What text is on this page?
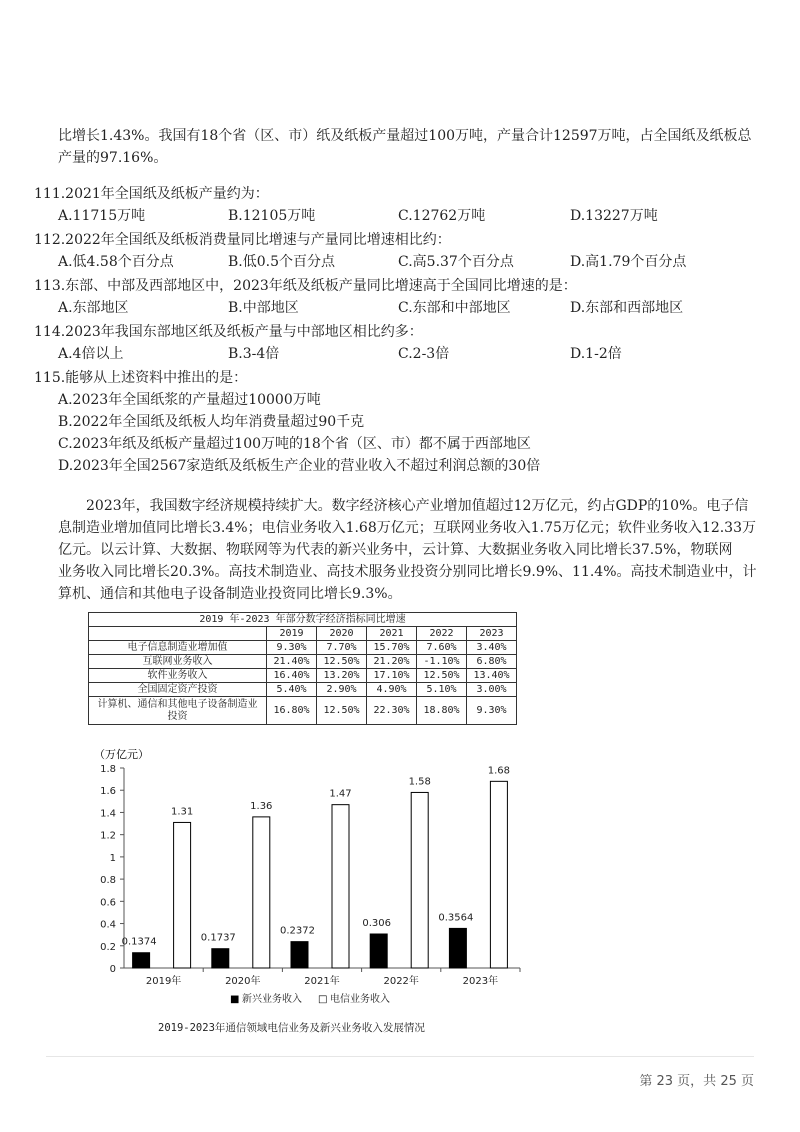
比增长1.43%。我国有18个省（区、市）纸及纸板产量超过100万吨，产量合计12597万吨，占全国纸及纸板总
产量的97.16%。
111.2021年全国纸及纸板产量约为：
A.11715万吨	B.12105万吨	C.12762万吨	D.13227万吨
112.2022年全国纸及纸板消费量同比增速与产量同比增速相比约：
A.低4.58个百分点	B.低0.5个百分点	C.高5.37个百分点	D.高1.79个百分点
113.东部、中部及西部地区中，2023年纸及纸板产量同比增速高于全国同比增速的是：
A.东部地区	B.中部地区	C.东部和中部地区	D.东部和西部地区
114.2023年我国东部地区纸及纸板产量与中部地区相比约多：
A.4倍以上	B.3-4倍	C.2-3倍	D.1-2倍
115.能够从上述资料中推出的是：
A.2023年全国纸浆的产量超过10000万吨
B.2022年全国纸及纸板人均年消费量超过90千克
C.2023年纸及纸板产量超过100万吨的18个省（区、市）都不属于西部地区
D.2023年全国2567家造纸及纸板生产企业的营业收入不超过利润总额的30倍
2023年，我国数字经济规模持续扩大。数字经济核心产业增加值超过12万亿元，约占GDP的10%。电子信
息制造业增加值同比增长3.4%；电信业务收入1.68万亿元；互联网业务收入1.75万亿元；软件业务收入12.33万
亿元。以云计算、大数据、物联网等为代表的新兴业务中，云计算、大数据业务收入同比增长37.5%，物联网
业务收入同比增长20.3%。高技术制造业、高技术服务业投资分别同比增长9.9%、11.4%。高技术制造业中，计
算机、通信和其他电子设备制造业投资同比增长9.3%。
2019 年-2023 年部分数字经济指标同比增速					
	2019	2020	2021	2022	2023
电子信息制造业增加值	9.30%	7.70%	15.70%	7.60%	3.40%
互联网业务收入	21.40%	12.50%	21.20%	-1.10%	6.80%
软件业务收入	16.40%	13.20%	17.10%	12.50%	13.40%
全国固定资产投资	5.40%	2.90%	4.90%	5.10%	3.00%
计算机、通信和其他电子设备制造业投资	16.80%	12.50%	22.30%	18.80%	9.30%
（万亿元）
0
0.2
0.4
0.6
0.8
1
1.2
1.4
1.6
1.8
0.1374
1.31
0.1737
1.36
0.2372
1.47
0.306
1.58
0.3564
1.68
2019年	2020年	2021年	2022年	2023年
■ 新兴业务收入 □ 电信业务收入
2019-2023年通信领域电信业务及新兴业务收入发展情况
第 23 页，共 25 页
